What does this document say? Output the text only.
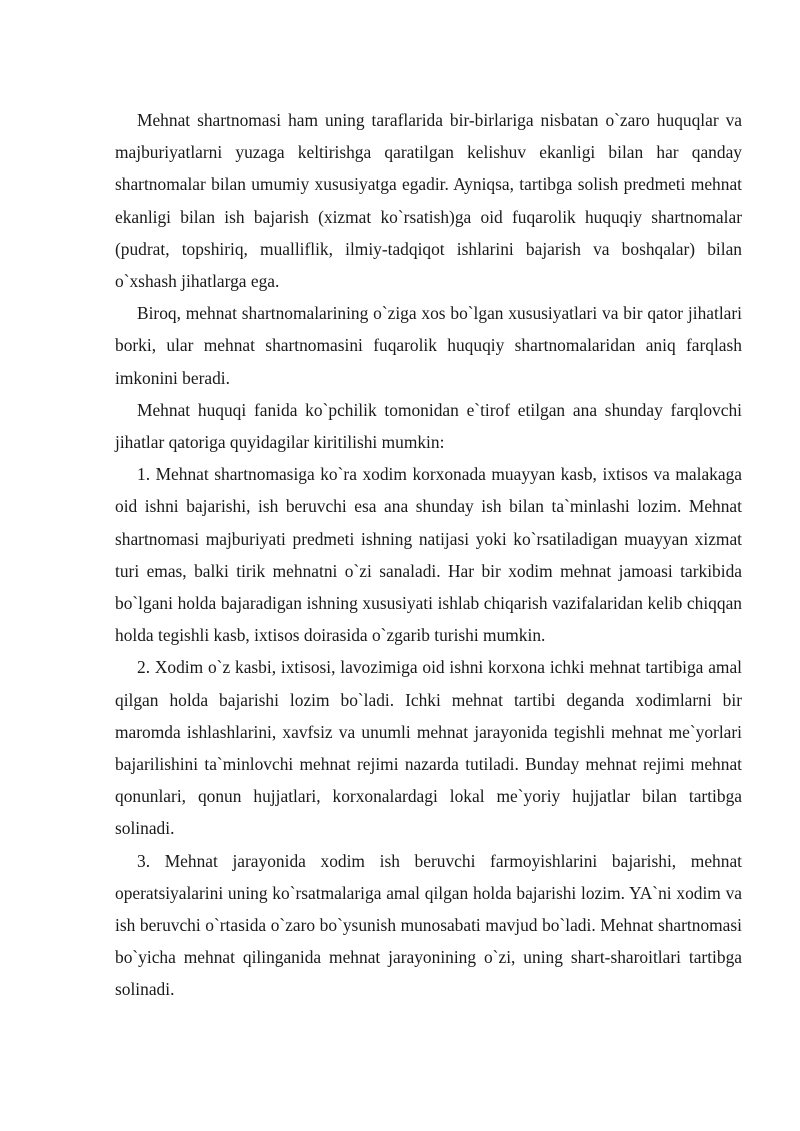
Mehnat shartnomasi ham uning taraflarida bir-birlariga nisbatan o`zaro huquqlar va majburiyatlarni yuzaga keltirishga qaratilgan kelishuv ekanligi bilan har qanday shartnomalar bilan umumiy xususiyatga egadir. Ayniqsa, tartibga solish predmeti mehnat ekanligi bilan ish bajarish (xizmat ko`rsatish)ga oid fuqarolik huquqiy shartnomalar (pudrat, topshiriq, mualliflik, ilmiy-tadqiqot ishlarini bajarish va boshqalar) bilan o`xshash jihatlarga ega.

Biroq, mehnat shartnomalarining o`ziga xos bo`lgan xususiyatlari va bir qator jihatlari borki, ular mehnat shartnomasini fuqarolik huquqiy shartnomalaridan aniq farqlash imkonini beradi.

Mehnat huquqi fanida ko`pchilik tomonidan e`tirof etilgan ana shunday farqlovchi jihatlar qatoriga quyidagilar kiritilishi mumkin:

1. Mehnat shartnomasiga ko`ra xodim korxonada muayyan kasb, ixtisos va malakaga oid ishni bajarishi, ish beruvchi esa ana shunday ish bilan ta`minlashi lozim. Mehnat shartnomasi majburiyati predmeti ishning natijasi yoki ko`rsatiladigan muayyan xizmat turi emas, balki tirik mehnatni o`zi sanaladi. Har bir xodim mehnat jamoasi tarkibida bo`lgani holda bajaradigan ishning xususiyati ishlab chiqarish vazifalaridan kelib chiqqan holda tegishli kasb, ixtisos doirasida o`zgarib turishi mumkin.

2. Xodim o`z kasbi, ixtisosi, lavozimiga oid ishni korxona ichki mehnat tartibiga amal qilgan holda bajarishi lozim bo`ladi. Ichki mehnat tartibi deganda xodimlarni bir maromda ishlashlarini, xavfsiz va unumli mehnat jarayonida tegishli mehnat me`yorlari bajarilishini ta`minlovchi mehnat rejimi nazarda tutiladi. Bunday mehnat rejimi mehnat qonunlari, qonun hujjatlari, korxonalardagi lokal me`yoriy hujjatlar bilan tartibga solinadi.

3. Mehnat jarayonida xodim ish beruvchi farmoyishlarini bajarishi, mehnat operatsiyalarini uning ko`rsatmalariga amal qilgan holda bajarishi lozim. YA`ni xodim va ish beruvchi o`rtasida o`zaro bo`ysunish munosabati mavjud bo`ladi. Mehnat shartnomasi bo`yicha mehnat qilinganida mehnat jarayonining o`zi, uning shart-sharoitlari tartibga solinadi.
